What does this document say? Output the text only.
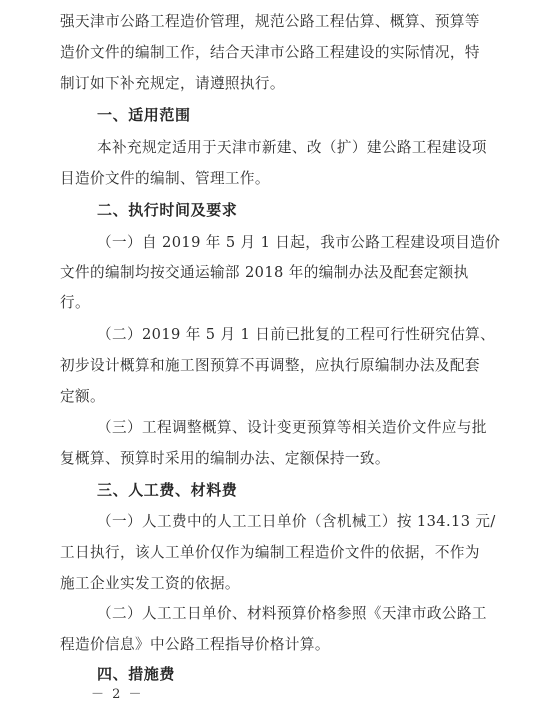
强天津市公路工程造价管理，规范公路工程估算、概算、预算等
造价文件的编制工作，结合天津市公路工程建设的实际情况，特
制订如下补充规定，请遵照执行。
一、适用范围
本补充规定适用于天津市新建、改（扩）建公路工程建设项
目造价文件的编制、管理工作。
二、执行时间及要求
（一）自 2019 年 5 月 1 日起，我市公路工程建设项目造价
文件的编制均按交通运输部 2018 年的编制办法及配套定额执
行。
（二）2019 年 5 月 1 日前已批复的工程可行性研究估算、
初步设计概算和施工图预算不再调整，应执行原编制办法及配套
定额。
（三）工程调整概算、设计变更预算等相关造价文件应与批
复概算、预算时采用的编制办法、定额保持一致。
三、人工费、材料费
（一）人工费中的人工工日单价（含机械工）按 134.13 元/
工日执行，该人工单价仅作为编制工程造价文件的依据，不作为
施工企业实发工资的依据。
（二）人工工日单价、材料预算价格参照《天津市政公路工
程造价信息》中公路工程指导价格计算。
四、措施费
－ 2 －
